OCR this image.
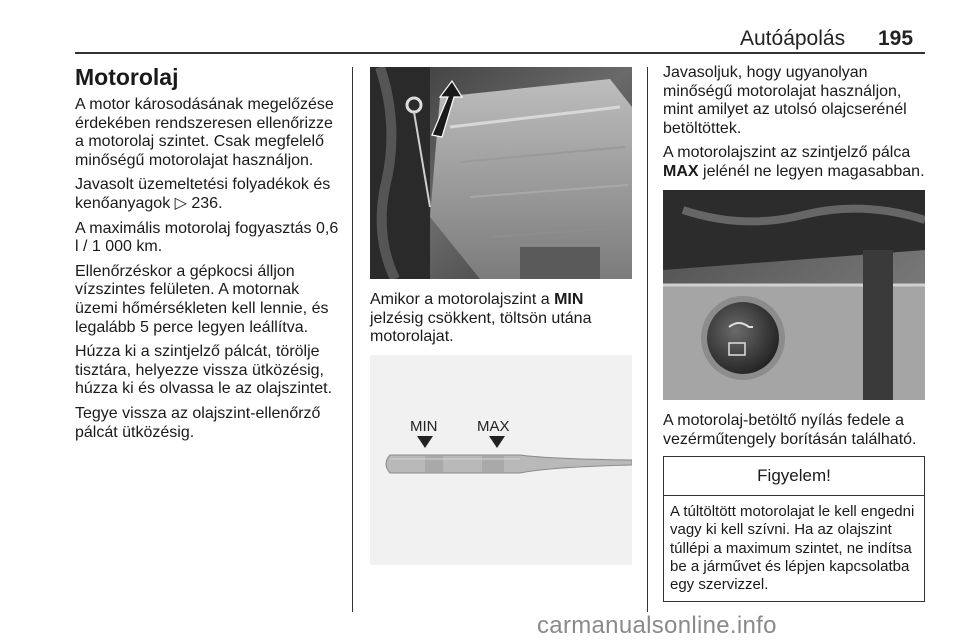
Autóápolás 195
Motorolaj

A motor károsodásának megelőzése érdekében rendszeresen ellenőrizze a motorolaj szintet. Csak megfelelő minőségű motorolajat használjon.

Javasolt üzemeltetési folyadékok és kenőanyagok ▷ 236.

A maximális motorolaj fogyasztás 0,6 l / 1 000 km.

Ellenőrzéskor a gépkocsi álljon vízszintes felületen. A motornak üzemi hőmérsékleten kell lennie, és legalább 5 perce legyen leállítva.

Húzza ki a szintjelző pálcát, törölje tisztára, helyezze vissza ütközésig, húzza ki és olvassa le az olajszintet.

Tegye vissza az olajszint-ellenőrző pálcát ütközésig.

Amikor a motorolajszint a MIN jelzésig csökkent, töltsön utána motorolajat.

MIN	MAX

Javasoljuk, hogy ugyanolyan minőségű motorolajat használjon, mint amilyet az utolsó olajcserénél betöltöttek.

A motorolajszint az szintjelző pálca MAX jelénél ne legyen magasabban.

A motorolaj-betöltő nyílás fedele a vezérműtengely borításán található.

Figyelem!
A túltöltött motorolajat le kell engedni vagy ki kell szívni. Ha az olajszint túllépi a maximum szintet, ne indítsa be a járművet és lépjen kapcsolatba egy szervizzel.
carmanualsonline.info
